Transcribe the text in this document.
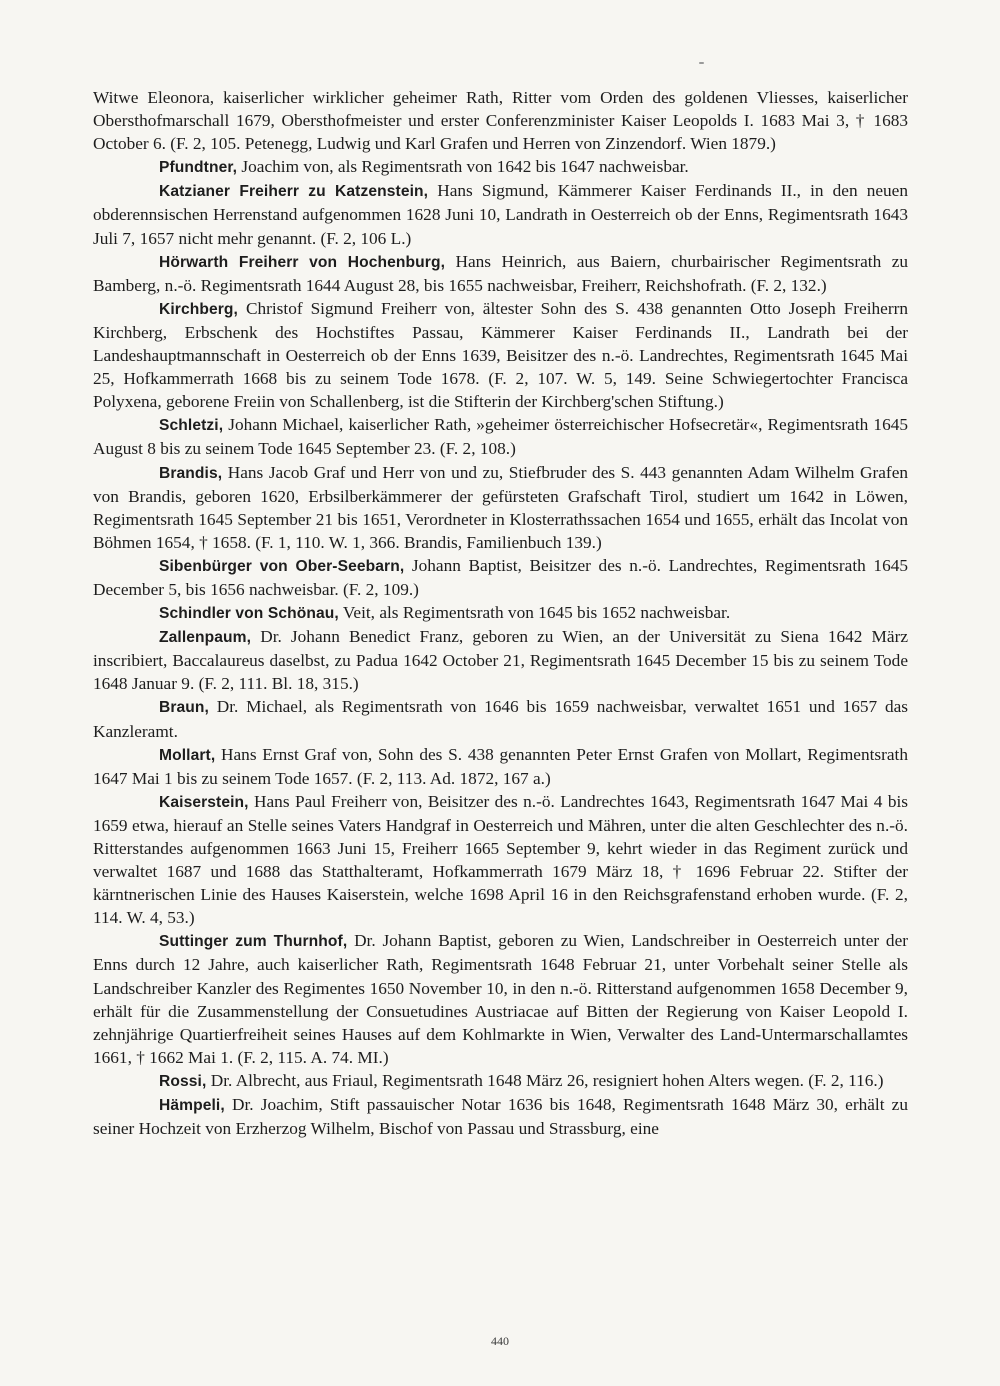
Witwe Eleonora, kaiserlicher wirklicher geheimer Rath, Ritter vom Orden des goldenen Vliesses, kaiserlicher Obersthofmarschall 1679, Obersthofmeister und erster Conferenzminister Kaiser Leopolds I. 1683 Mai 3, † 1683 October 6. (F. 2, 105. Petenegg, Ludwig und Karl Grafen und Herren von Zinzendorf. Wien 1879.)

Pfundtner, Joachim von, als Regimentsrath von 1642 bis 1647 nachweisbar.

Katzianer Freiherr zu Katzenstein, Hans Sigmund, Kämmerer Kaiser Ferdinands II., in den neuen obderennsischen Herrenstand aufgenommen 1628 Juni 10, Landrath in Oesterreich ob der Enns, Regimentsrath 1643 Juli 7, 1657 nicht mehr genannt. (F. 2, 106 L.)

Hörwarth Freiherr von Hochenburg, Hans Heinrich, aus Baiern, churbairischer Regimentsrath zu Bamberg, n.-ö. Regimentsrath 1644 August 28, bis 1655 nachweisbar, Freiherr, Reichshofrath. (F. 2, 132.)

Kirchberg, Christof Sigmund Freiherr von, ältester Sohn des S. 438 genannten Otto Joseph Freiherrn Kirchberg, Erbschenk des Hochstiftes Passau, Kämmerer Kaiser Ferdinands II., Landrath bei der Landeshauptmannschaft in Oesterreich ob der Enns 1639, Beisitzer des n.-ö. Landrechtes, Regimentsrath 1645 Mai 25, Hofkammerrath 1668 bis zu seinem Tode 1678. (F. 2, 107. W. 5, 149. Seine Schwiegertochter Francisca Polyxena, geborene Freiin von Schallenberg, ist die Stifterin der Kirchberg'schen Stiftung.)

Schletzi, Johann Michael, kaiserlicher Rath, »geheimer österreichischer Hofsecretär«, Regimentsrath 1645 August 8 bis zu seinem Tode 1645 September 23. (F. 2, 108.)

Brandis, Hans Jacob Graf und Herr von und zu, Stiefbruder des S. 443 genannten Adam Wilhelm Grafen von Brandis, geboren 1620, Erbsilberkämmerer der gefürsteten Grafschaft Tirol, studiert um 1642 in Löwen, Regimentsrath 1645 September 21 bis 1651, Verordneter in Klosterrathssachen 1654 und 1655, erhält das Incolat von Böhmen 1654, † 1658. (F. 1, 110. W. 1, 366. Brandis, Familienbuch 139.)

Sibenbürger von Ober-Seebarn, Johann Baptist, Beisitzer des n.-ö. Landrechtes, Regimentsrath 1645 December 5, bis 1656 nachweisbar. (F. 2, 109.)

Schindler von Schönau, Veit, als Regimentsrath von 1645 bis 1652 nachweisbar.

Zallenpaum, Dr. Johann Benedict Franz, geboren zu Wien, an der Universität zu Siena 1642 März inscribiert, Baccalaureus daselbst, zu Padua 1642 October 21, Regimentsrath 1645 December 15 bis zu seinem Tode 1648 Januar 9. (F. 2, 111. Bl. 18, 315.)

Braun, Dr. Michael, als Regimentsrath von 1646 bis 1659 nachweisbar, verwaltet 1651 und 1657 das Kanzleramt.

Mollart, Hans Ernst Graf von, Sohn des S. 438 genannten Peter Ernst Grafen von Mollart, Regimentsrath 1647 Mai 1 bis zu seinem Tode 1657. (F. 2, 113. Ad. 1872, 167 a.)

Kaiserstein, Hans Paul Freiherr von, Beisitzer des n.-ö. Landrechtes 1643, Regimentsrath 1647 Mai 4 bis 1659 etwa, hierauf an Stelle seines Vaters Handgraf in Oesterreich und Mähren, unter die alten Geschlechter des n.-ö. Ritterstandes aufgenommen 1663 Juni 15, Freiherr 1665 September 9, kehrt wieder in das Regiment zurück und verwaltet 1687 und 1688 das Statthalteramt, Hofkammerrath 1679 März 18, † 1696 Februar 22. Stifter der kärntnerischen Linie des Hauses Kaiserstein, welche 1698 April 16 in den Reichsgrafenstand erhoben wurde. (F. 2, 114. W. 4, 53.)

Suttinger zum Thurnhof, Dr. Johann Baptist, geboren zu Wien, Landschreiber in Oesterreich unter der Enns durch 12 Jahre, auch kaiserlicher Rath, Regimentsrath 1648 Februar 21, unter Vorbehalt seiner Stelle als Landschreiber Kanzler des Regimentes 1650 November 10, in den n.-ö. Ritterstand aufgenommen 1658 December 9, erhält für die Zusammenstellung der Consuetudines Austriacae auf Bitten der Regierung von Kaiser Leopold I. zehnjährige Quartierfreiheit seines Hauses auf dem Kohlmarkte in Wien, Verwalter des Land-Untermarschallamtes 1661, † 1662 Mai 1. (F. 2, 115. A. 74. MI.)

Rossi, Dr. Albrecht, aus Friaul, Regimentsrath 1648 März 26, resigniert hohen Alters wegen. (F. 2, 116.)

Hämpeli, Dr. Joachim, Stift passauischer Notar 1636 bis 1648, Regimentsrath 1648 März 30, erhält zu seiner Hochzeit von Erzherzog Wilhelm, Bischof von Passau und Strassburg, eine

440
